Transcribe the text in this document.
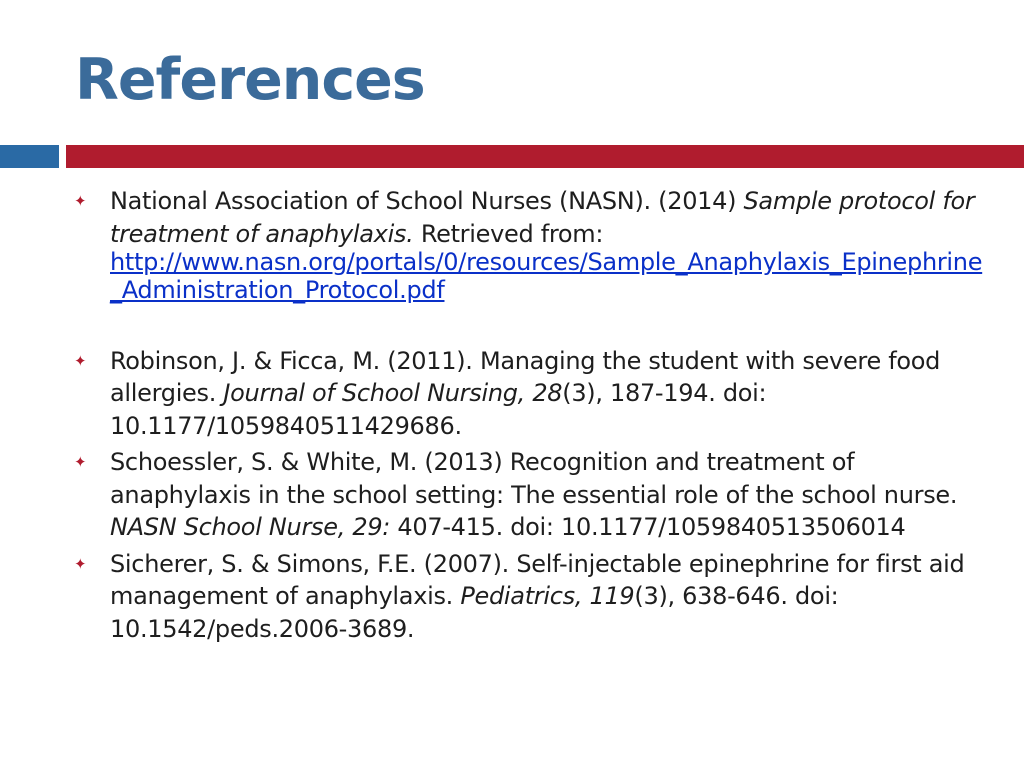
References
✦ National Association of School Nurses (NASN). (2014) Sample protocol for treatment of anaphylaxis. Retrieved from: http://www.nasn.org/portals/0/resources/Sample_Anaphylaxis_Epinephrine_Administration_Protocol.pdf
✦ Robinson, J. & Ficca, M. (2011). Managing the student with severe food allergies. Journal of School Nursing, 28(3), 187-194. doi: 10.1177/1059840511429686.
✦ Schoessler, S. & White, M. (2013) Recognition and treatment of anaphylaxis in the school setting: The essential role of the school nurse. NASN School Nurse, 29: 407-415. doi: 10.1177/1059840513506014
✦ Sicherer, S. & Simons, F.E. (2007). Self-injectable epinephrine for first aid management of anaphylaxis. Pediatrics, 119(3), 638-646. doi: 10.1542/peds.2006-3689.
